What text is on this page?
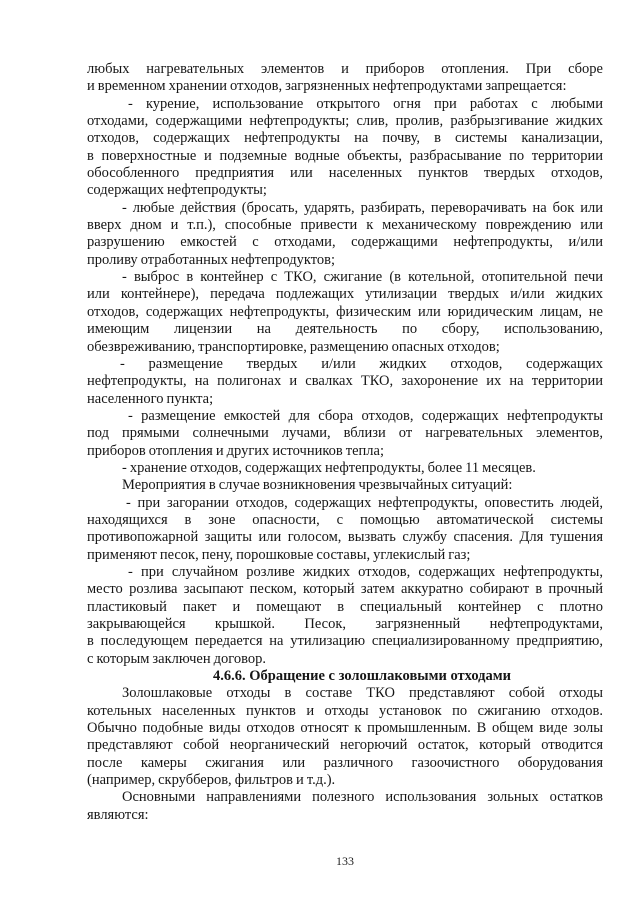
любых нагревательных элементов и приборов отопления. При сборе
и временном хранении отходов, загрязненных нефтепродуктами запрещается:
- курение, использование открытого огня при работах с любыми
отходами, содержащими нефтепродукты; слив, пролив, разбрызгивание жидких
отходов, содержащих нефтепродукты на почву, в системы канализации,
в поверхностные и подземные водные объекты, разбрасывание по территории
обособленного предприятия или населенных пунктов твердых отходов,
содержащих нефтепродукты;
- любые действия (бросать, ударять, разбирать, переворачивать на бок или
вверх дном и т.п.), способные привести к механическому повреждению или
разрушению емкостей с отходами, содержащими нефтепродукты, и/или
проливу отработанных нефтепродуктов;
- выброс в контейнер с ТКО, сжигание (в котельной, отопительной печи
или контейнере), передача подлежащих утилизации твердых и/или жидких
отходов, содержащих нефтепродукты, физическим или юридическим лицам, не
имеющим лицензии на деятельность по сбору, использованию,
обезвреживанию, транспортировке, размещению опасных отходов;
- размещение твердых и/или жидких отходов, содержащих
нефтепродукты, на полигонах и свалках ТКО, захоронение их на территории
населенного пункта;
- размещение емкостей для сбора отходов, содержащих нефтепродукты
под прямыми солнечными лучами, вблизи от нагревательных элементов,
приборов отопления и других источников тепла;
- хранение отходов, содержащих нефтепродукты, более 11 месяцев.
Мероприятия в случае возникновения чрезвычайных ситуаций:
- при загорании отходов, содержащих нефтепродукты, оповестить людей,
находящихся в зоне опасности, с помощью автоматической системы
противопожарной защиты или голосом, вызвать службу спасения. Для тушения
применяют песок, пену, порошковые составы, углекислый газ;
- при случайном розливе жидких отходов, содержащих нефтепродукты,
место розлива засыпают песком, который затем аккуратно собирают в прочный
пластиковый пакет и помещают в специальный контейнер с плотно
закрывающейся крышкой. Песок, загрязненный нефтепродуктами,
в последующем передается на утилизацию специализированному предприятию,
с которым заключен договор.
4.6.6. Обращение с золошлаковыми отходами
Золошлаковые отходы в составе ТКО представляют собой отходы
котельных населенных пунктов и отходы установок по сжиганию отходов.
Обычно подобные виды отходов относят к промышленным. В общем виде золы
представляют собой неорганический негорючий остаток, который отводится
после камеры сжигания или различного газоочистного оборудования
(например, скрубберов, фильтров и т.д.).
Основными направлениями полезного использования зольных остатков
являются:
133
